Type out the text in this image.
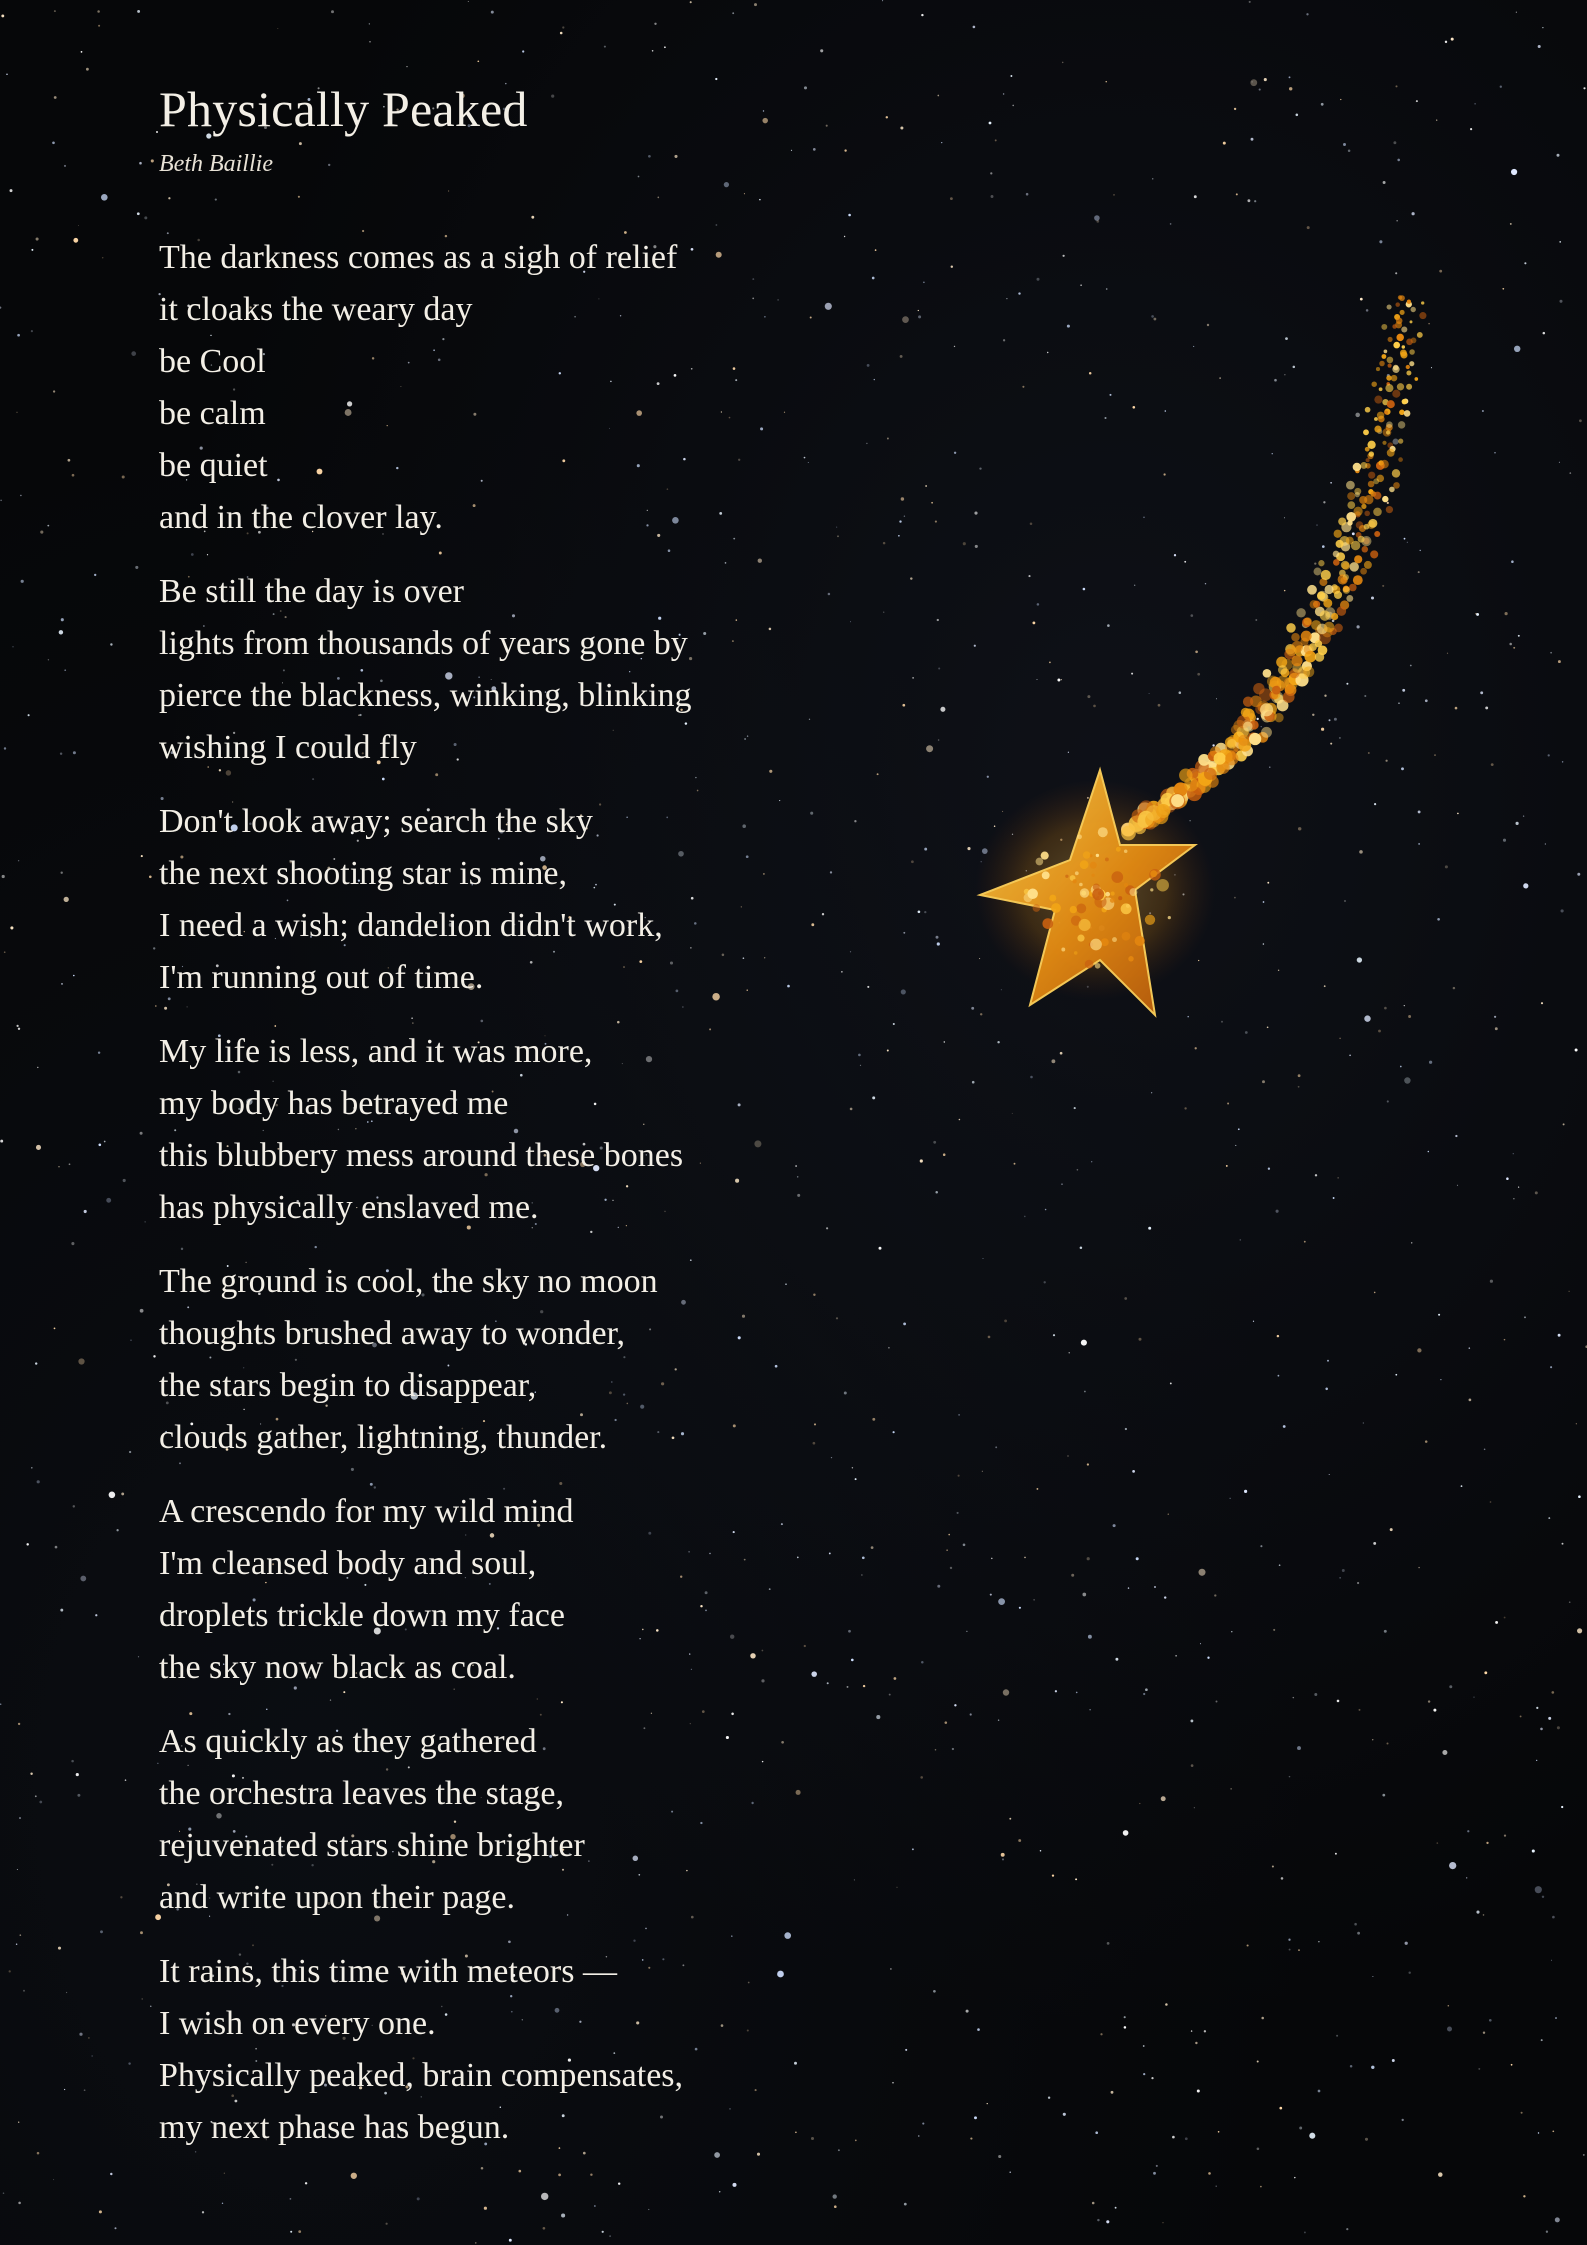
Physically Peaked

Beth Baillie

The darkness comes as a sigh of relief
it cloaks the weary day
be Cool
be calm
be quiet
and in the clover lay.
Be still the day is over
lights from thousands of years gone by
pierce the blackness, winking, blinking
wishing I could fly
Don't look away; search the sky
the next shooting star is mine,
I need a wish; dandelion didn't work,
I'm running out of time.
My life is less, and it was more,
my body has betrayed me
this blubbery mess around these bones
has physically enslaved me.
The ground is cool, the sky no moon
thoughts brushed away to wonder,
the stars begin to disappear,
clouds gather, lightning, thunder.
A crescendo for my wild mind
I'm cleansed body and soul,
droplets trickle down my face
the sky now black as coal.
As quickly as they gathered
the orchestra leaves the stage,
rejuvenated stars shine brighter
and write upon their page.
It rains, this time with meteors —
I wish on every one.
Physically peaked, brain compensates,
my next phase has begun.
